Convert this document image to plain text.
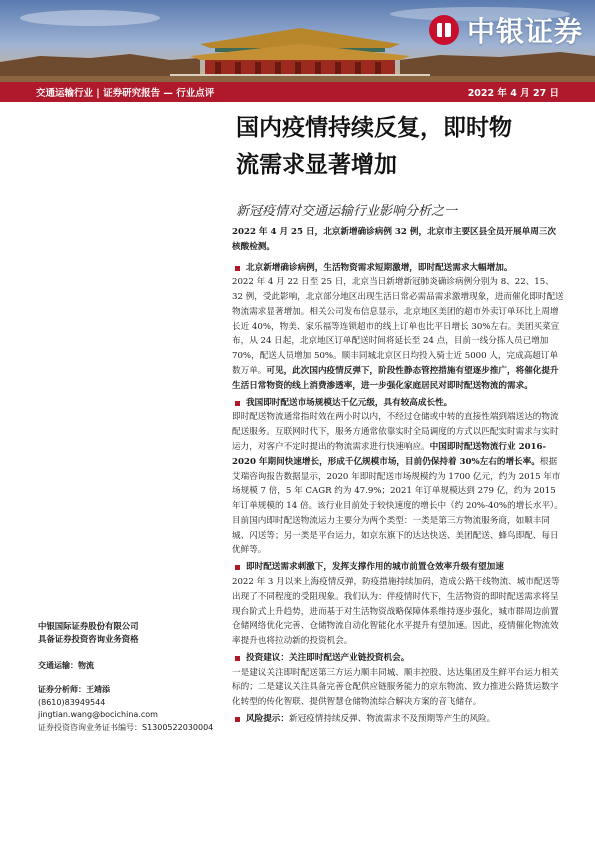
中银证券
交通运输行业 | 证券研究报告 — 行业点评	2022 年 4 月 27 日
国内疫情持续反复，即时物
流需求显著增加
新冠疫情对交通运输行业影响分析之一

2022 年 4 月 25 日，北京新增确诊病例 32 例，北京市主要区县全员开展单周三次核酸检测。

北京新增确诊病例，生活物资需求短期激增，即时配送需求大幅增加。

2022 年 4 月 22 日至 25 日，北京当日新增新冠肺炎确诊病例分别为 8、22、15、32 例，受此影响，北京部分地区出现生活日常必需品需求激增现象，进而催化即时配送物流需求显著增加。相关公司发布信息显示，北京地区美团的超市外卖订单环比上周增长近 40%，物美、家乐福等连锁超市的线上订单也比平日增长 30%左右。美团买菜宣布，从 24 日起，北京地区订单配送时间将延长至 24 点，目前一线分拣人员已增加 70%，配送人员增加 50%。顺丰同城北京区日均投入骑士近 5000 人，完成高超订单数万单。可见，此次国内疫情反弹下，阶段性静态管控措施有望逐步推广，将催化提升生活日常物资的线上消费渗透率，进一步强化家庭居民对即时配送物流的需求。

我国即时配送市场规模达千亿元级，具有较高成长性。

即时配送物流通常指时效在两小时以内，不经过仓储或中转的直接性端到端送达的物流配送服务。互联网时代下，服务方通常依靠实时全局调度的方式以匹配实时需求与实时运力，对客户不定时提出的物流需求进行快速响应。中国即时配送物流行业 2016-2020 年期间快速增长，形成千亿规模市场，目前仍保持着 30%左右的增长率。根据艾瑞咨询报告数据显示，2020 年即时配送市场规模约为 1700 亿元，约为 2015 年市场规模 7 倍，5 年 CAGR 约为 47.9%；2021 年订单规模达到 279 亿，约为 2015 年订单规模的 14 倍。该行业目前处于较快速度的增长中（约 20%-40%的增长水平）。目前国内即时配送物流运力主要分为两个类型：一类是第三方物流服务商，如顺丰同城、闪送等；另一类是平台运力，如京东旗下的达达快送、美团配送、蜂鸟即配、每日优鲜等。

即时配送需求刺激下，发挥支撑作用的城市前置仓效率升级有望加速

2022 年 3 月以来上海疫情反弹，防疫措施持续加码，造成公路干线物流、城市配送等出现了不同程度的受阻现象。我们认为：伴疫情时代下，生活物资的即时配送需求将呈现台阶式上升趋势，进而基于对生活物资战略保障体系维持逐步强化，城市群周边前置仓储网络优化完善、仓储物流自动化智能化水平提升有望加速。因此，疫情催化物流效率提升也将拉动新的投资机会。

投资建议：关注即时配送产业链投资机会。

一是建议关注即时配送第三方运力顺丰同城、顺丰控股、达达集团及生鲜平台运力相关标的；二是建议关注具备完善仓配供应链服务能力的京东物流、致力推进公路货运数字化转型的传化智联、提供智慧仓储物流综合解决方案的音飞储存。

风险提示：新冠疫情持续反弹、物流需求不及预期等产生的风险。

中银国际证券股份有限公司
具备证券投资咨询业务资格
交通运输：物流
证券分析师：王靖添
(8610)83949544
jingtian.wang@bocichina.com
证券投资咨询业务证书编号：S1300522030004
